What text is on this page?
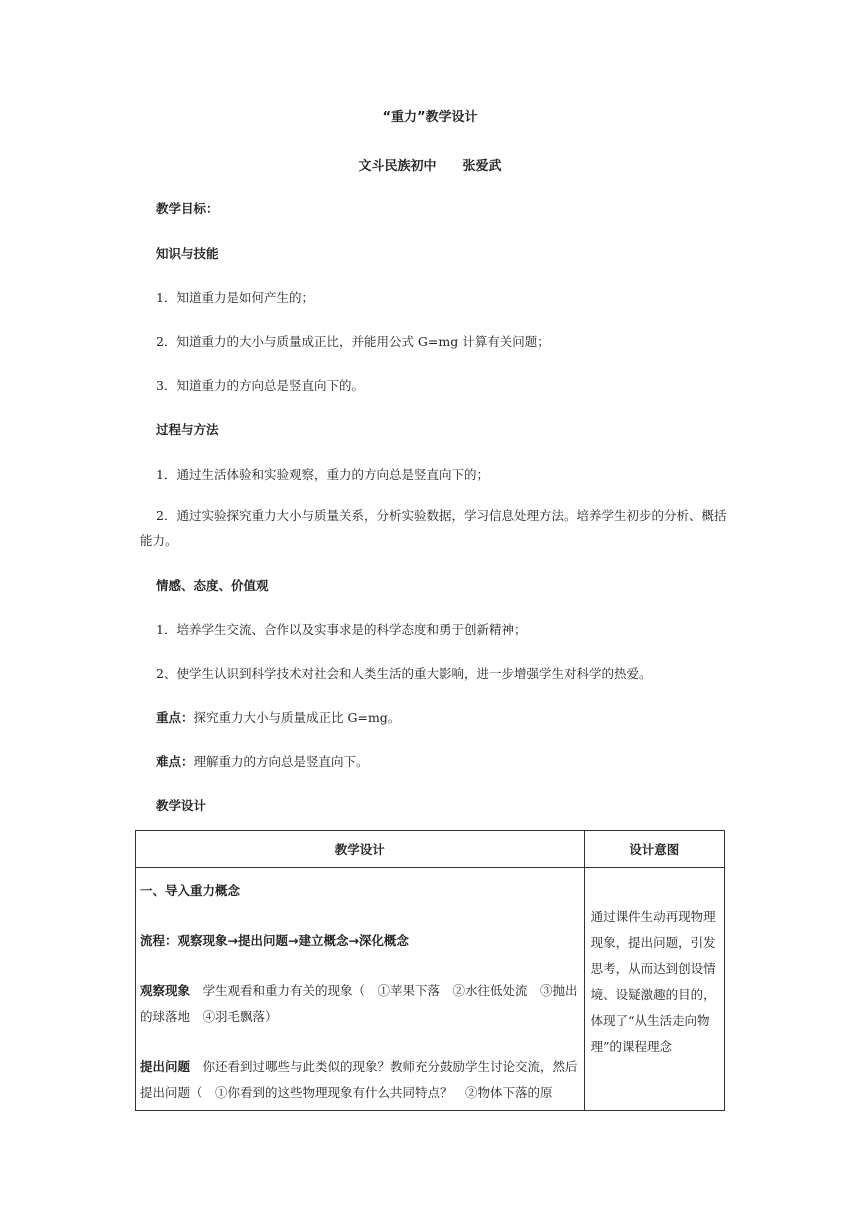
“重力”教学设计
文斗民族初中　　张爱武
教学目标：
知识与技能
1．知道重力是如何产生的；
2．知道重力的大小与质量成正比，并能用公式 G=mg 计算有关问题；
3．知道重力的方向总是竖直向下的。
过程与方法
1．通过生活体验和实验观察，重力的方向总是竖直向下的；
2．通过实验探究重力大小与质量关系，分析实验数据，学习信息处理方法。培养学生初步的分析、概括能力。
情感、态度、价值观
1．培养学生交流、合作以及实事求是的科学态度和勇于创新精神；
2、使学生认识到科学技术对社会和人类生活的重大影响，进一步增强学生对科学的热爱。
重点：探究重力大小与质量成正比 G=mg。
难点：理解重力的方向总是竖直向下。
教学设计
教学设计	设计意图

一、导入重力概念

流程：观察现象→提出问题→建立概念→深化概念

观察现象　学生观看和重力有关的现象（　①苹果下落　②水往低处流　③抛出的球落地　④羽毛飘落）

提出问题　你还看到过哪些与此类似的现象？教师充分鼓励学生讨论交流，然后提出问题（　①你看到的这些物理现象有什么共同特点？　②物体下落的原	通过课件生动再现物理现象，提出问题，引发思考，从而达到创设情境、设疑激趣的目的，体现了“从生活走向物理”的课程理念
